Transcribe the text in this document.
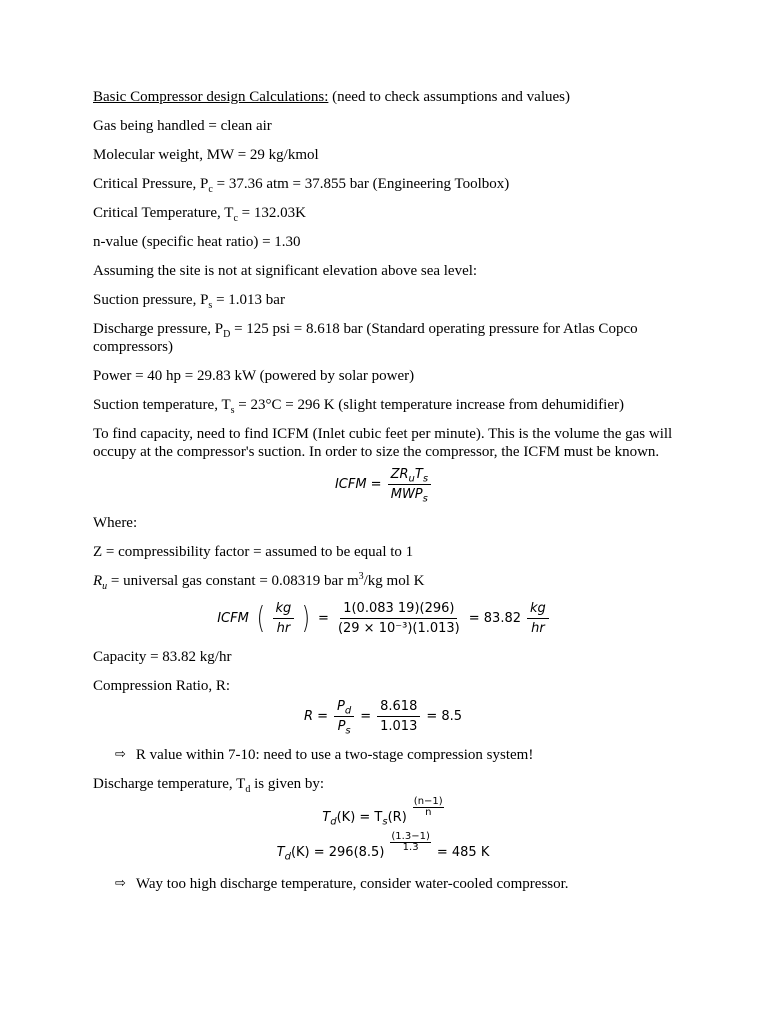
Basic Compressor design Calculations: (need to check assumptions and values)

Gas being handled = clean air

Molecular weight, MW = 29 kg/kmol

Critical Pressure, $P_c = 37.36$ atm = 37.855 bar (Engineering Toolbox)

Critical Temperature, $T_c = 132.03K$

n-value (specific heat ratio) = 1.30

Assuming the site is not at significant elevation above sea level:

Suction pressure, $P_s = 1.013$ bar

Discharge pressure, $P_D = 125$ psi = 8.618 bar (Standard operating pressure for Atlas Copco compressors)

Power = 40 hp = 29.83 kW (powered by solar power)

Suction temperature, $T_s = 23^\circ C = 296$ K (slight temperature increase from dehumidifier)

To find capacity, need to find ICFM (Inlet cubic feet per minute). This is the volume the gas will occupy at the compressor's suction. In order to size the compressor, the ICFM must be known.

ICFM = $\frac{ZR_uT_s}{MWP_s}$

Where:

Z = compressibility factor = assumed to be equal to 1

$R_u$ = universal gas constant = 0.08319 bar $m^3/kg$ mol K

ICFM ( $\frac{kg}{hr}$ ) = $\frac{1(0.083 19)(296)}{\text{(29 × 10⁻³)(1.013)}} = 83.82 \frac{kg}{hr}$

Capacity = 83.82 kg/hr

Compression Ratio, R:

$R = \frac{P_d}{P_s} = \frac{8.618}{1.013} = 8.5$
⇨ R value within 7-10: need to use a two-stage compression system!

Discharge temperature, $T_d$ is given by:

$T_d(K) = T_s(R)$
(n−1)
n
$T_d(K) = 296(8.5) \frac{(1.3-1)}{1.3} = 485$ K
⇨ Way too high discharge temperature, consider water-cooled compressor.
